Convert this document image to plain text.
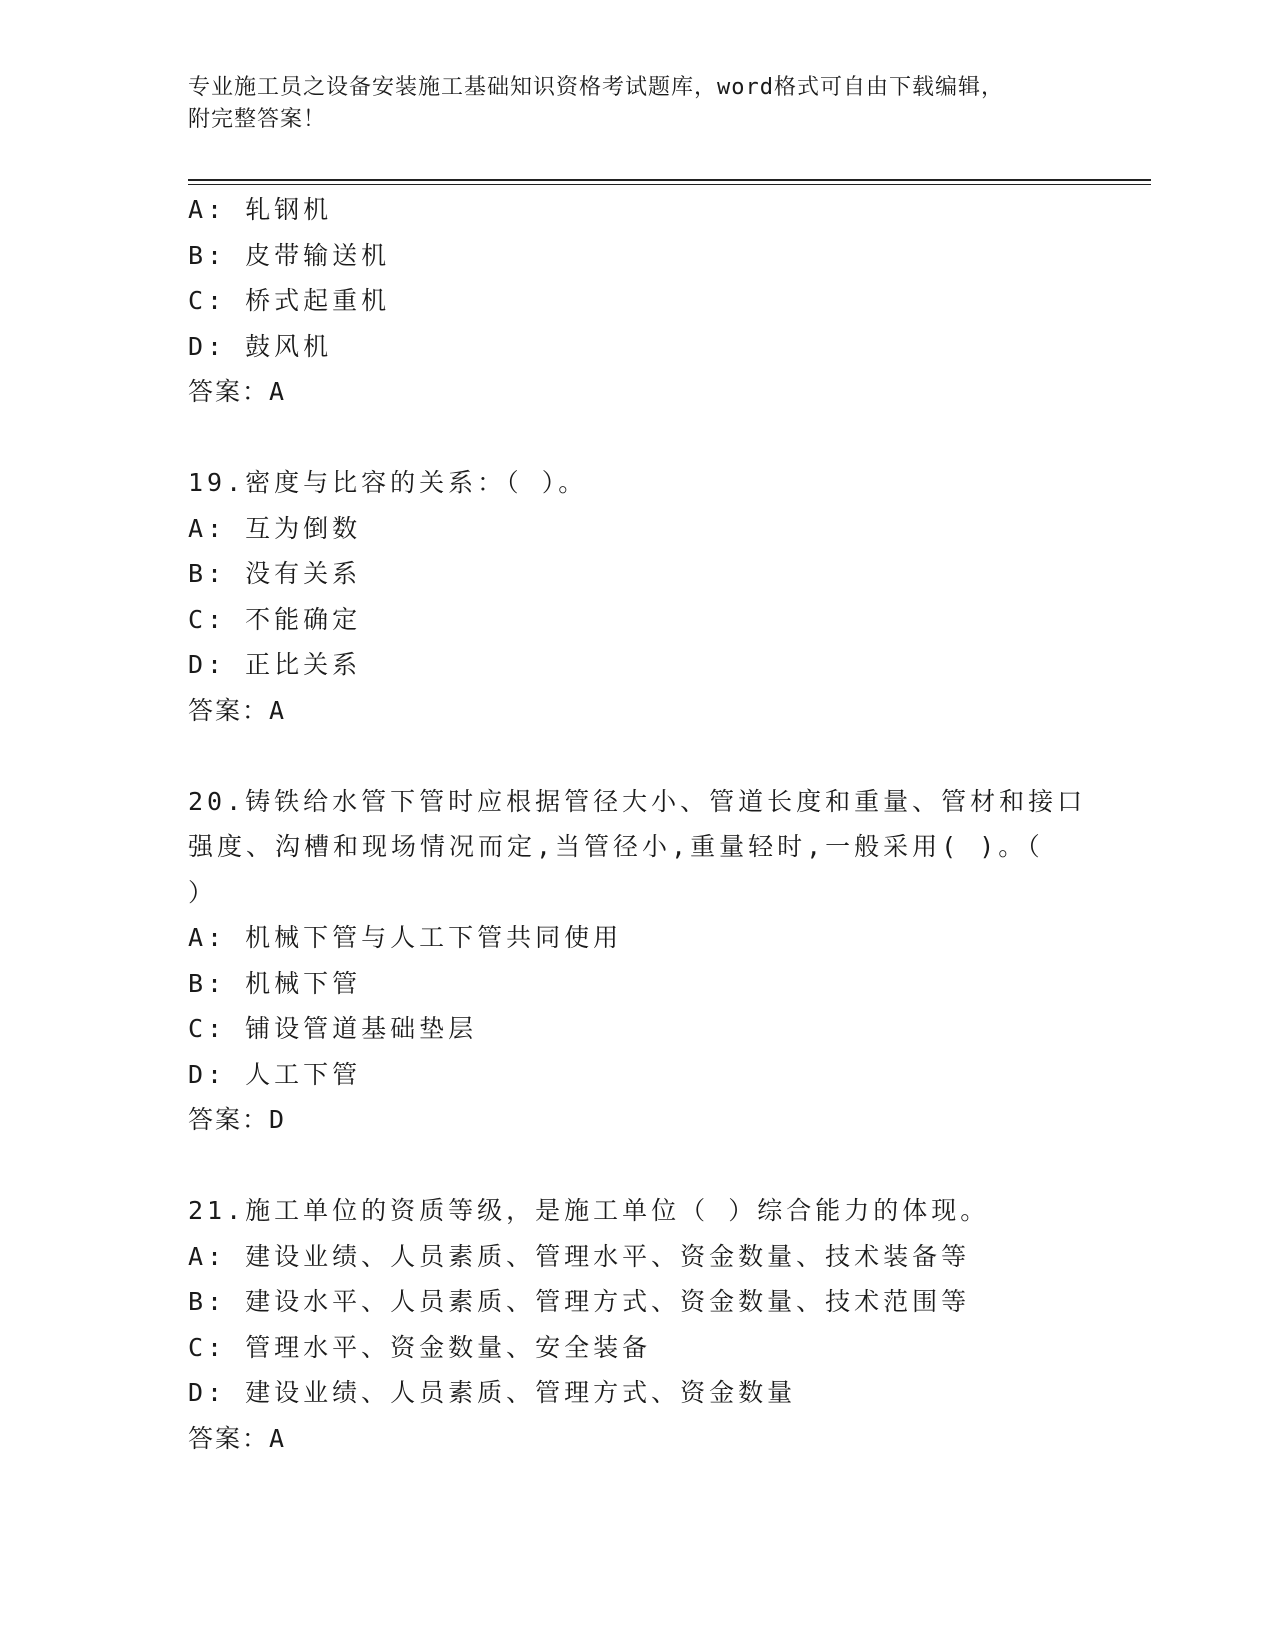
专业施工员之设备安装施工基础知识资格考试题库，word格式可自由下载编辑，
附完整答案！
A: 轧钢机
B: 皮带输送机
C: 桥式起重机
D: 鼓风机
答案：A
19.密度与比容的关系：（ ）。
A: 互为倒数
B: 没有关系
C: 不能确定
D: 正比关系
答案：A
20.铸铁给水管下管时应根据管径大小、管道长度和重量、管材和接口
强度、沟槽和现场情况而定,当管径小,重量轻时,一般采用( )。（
）
A: 机械下管与人工下管共同使用
B: 机械下管
C: 铺设管道基础垫层
D: 人工下管
答案：D
21.施工单位的资质等级，是施工单位（ ）综合能力的体现。
A: 建设业绩、人员素质、管理水平、资金数量、技术装备等
B: 建设水平、人员素质、管理方式、资金数量、技术范围等
C: 管理水平、资金数量、安全装备
D: 建设业绩、人员素质、管理方式、资金数量
答案：A
